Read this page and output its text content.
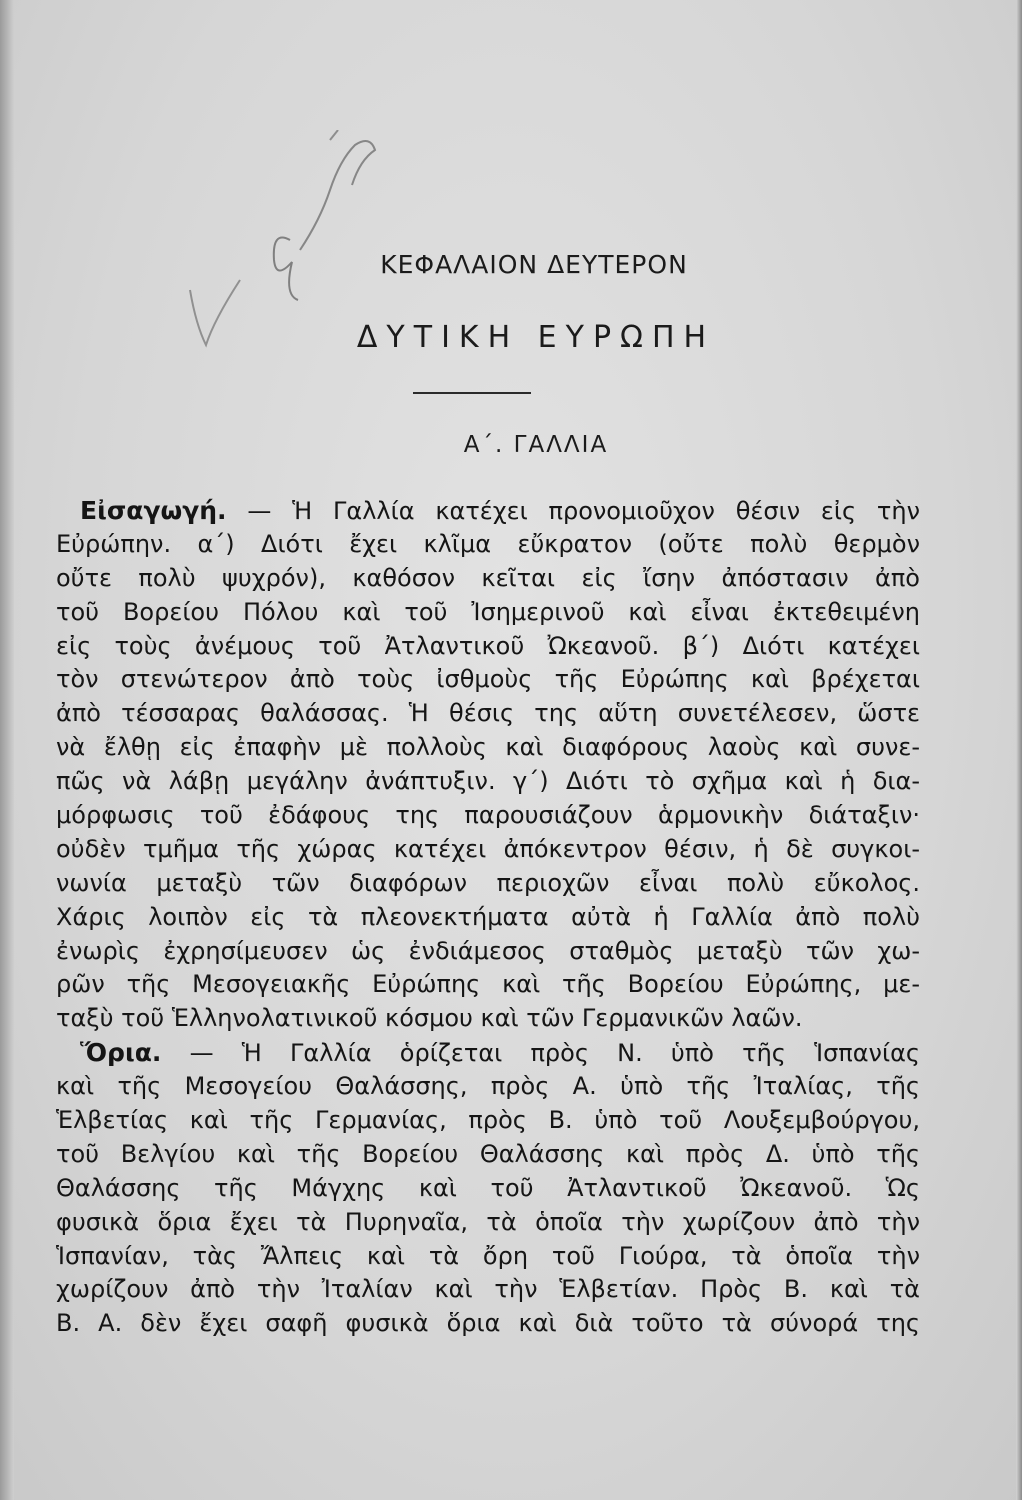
ΚΕΦΑΛΑΙΟΝ ΔΕΥΤΕΡΟΝ
ΔΥΤΙΚΗ ΕΥΡΩΠΗ
Α΄. ΓΑΛΛΙΑ
Εἰσαγωγή. — Ἡ Γαλλία κατέχει προνομιοῦχον θέσιν εἰς τὴν
Εὐρώπην. α΄) Διότι ἔχει κλῖμα εὔκρατον (οὔτε πολὺ θερμὸν
οὔτε πολὺ ψυχρόν), καθόσον κεῖται εἰς ἴσην ἀπόστασιν ἀπὸ
τοῦ Βορείου Πόλου καὶ τοῦ Ἰσημερινοῦ καὶ εἶναι ἐκτεθειμένη
εἰς τοὺς ἀνέμους τοῦ Ἀτλαντικοῦ Ὠκεανοῦ. β΄) Διότι κατέχει
τὸν στενώτερον ἀπὸ τοὺς ἰσθμοὺς τῆς Εὐρώπης καὶ βρέχεται
ἀπὸ τέσσαρας θαλάσσας. Ἡ θέσις της αὕτη συνετέλεσεν, ὥστε
νὰ ἔλθῃ εἰς ἐπαφὴν μὲ πολλοὺς καὶ διαφόρους λαοὺς καὶ συνε-
πῶς νὰ λάβῃ μεγάλην ἀνάπτυξιν. γ΄) Διότι τὸ σχῆμα καὶ ἡ δια-
μόρφωσις τοῦ ἐδάφους της παρουσιάζουν ἁρμονικὴν διάταξιν·
οὐδὲν τμῆμα τῆς χώρας κατέχει ἀπόκεντρον θέσιν, ἡ δὲ συγκοι-
νωνία μεταξὺ τῶν διαφόρων περιοχῶν εἶναι πολὺ εὔκολος.
Χάρις λοιπὸν εἰς τὰ πλεονεκτήματα αὐτὰ ἡ Γαλλία ἀπὸ πολὺ
ἐνωρὶς ἐχρησίμευσεν ὡς ἐνδιάμεσος σταθμὸς μεταξὺ τῶν χω-
ρῶν τῆς Μεσογειακῆς Εὐρώπης καὶ τῆς Βορείου Εὐρώπης, με-
ταξὺ τοῦ Ἑλληνολατινικοῦ κόσμου καὶ τῶν Γερμανικῶν λαῶν.
Ὅρια. — Ἡ Γαλλία ὁρίζεται πρὸς Ν. ὑπὸ τῆς Ἱσπανίας
καὶ τῆς Μεσογείου Θαλάσσης, πρὸς Α. ὑπὸ τῆς Ἰταλίας, τῆς
Ἑλβετίας καὶ τῆς Γερμανίας, πρὸς Β. ὑπὸ τοῦ Λουξεμβούργου,
τοῦ Βελγίου καὶ τῆς Βορείου Θαλάσσης καὶ πρὸς Δ. ὑπὸ τῆς
Θαλάσσης τῆς Μάγχης καὶ τοῦ Ἀτλαντικοῦ Ὠκεανοῦ. Ὡς
φυσικὰ ὅρια ἔχει τὰ Πυρηναῖα, τὰ ὁποῖα τὴν χωρίζουν ἀπὸ τὴν
Ἱσπανίαν, τὰς Ἄλπεις καὶ τὰ ὄρη τοῦ Γιούρα, τὰ ὁποῖα τὴν
χωρίζουν ἀπὸ τὴν Ἰταλίαν καὶ τὴν Ἑλβετίαν. Πρὸς Β. καὶ τὰ
Β. Α. δὲν ἔχει σαφῆ φυσικὰ ὅρια καὶ διὰ τοῦτο τὰ σύνορά της
